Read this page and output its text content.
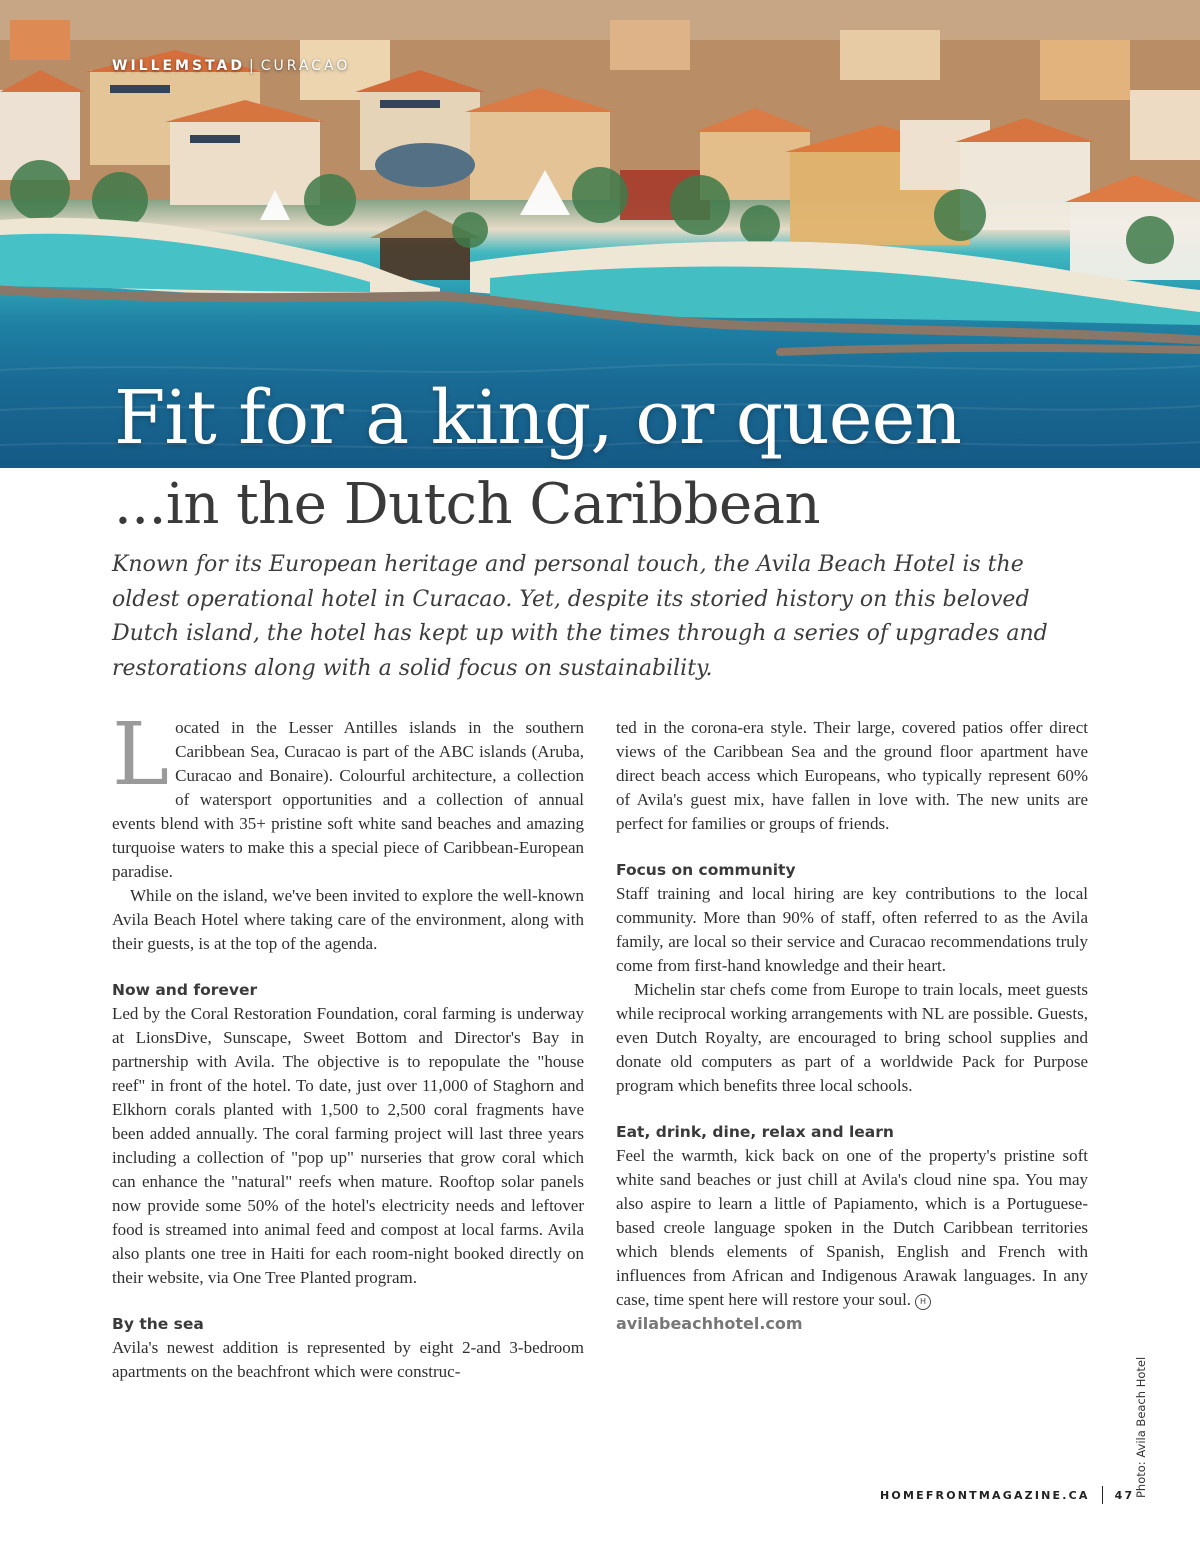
WILLEMSTAD | CURACAO
Fit for a king, or queen
...in the Dutch Caribbean

Known for its European heritage and personal touch, the Avila Beach Hotel is the oldest operational hotel in Curacao. Yet, despite its storied history on this beloved Dutch island, the hotel has kept up with the times through a series of upgrades and restorations along with a solid focus on sustainability.

Located in the Lesser Antilles islands in the southern Caribbean Sea, Curacao is part of the ABC islands (Aruba, Curacao and Bonaire). Colourful architecture, a collection of watersport opportunities and a collection of annual events blend with 35+ pristine soft white sand beaches and amazing turquoise waters to make this a special piece of Caribbean-European paradise.

While on the island, we've been invited to explore the well-known Avila Beach Hotel where taking care of the environment, along with their guests, is at the top of the agenda.

Now and forever

Led by the Coral Restoration Foundation, coral farming is underway at LionsDive, Sunscape, Sweet Bottom and Director's Bay in partnership with Avila. The objective is to repopulate the "house reef" in front of the hotel. To date, just over 11,000 of Staghorn and Elkhorn corals planted with 1,500 to 2,500 coral fragments have been added annually. The coral farming project will last three years including a collection of "pop up" nurseries that grow coral which can enhance the "natural" reefs when mature. Rooftop solar panels now provide some 50% of the hotel's electricity needs and leftover food is streamed into animal feed and compost at local farms. Avila also plants one tree in Haiti for each room-night booked directly on their website, via One Tree Planted program.

By the sea

Avila's newest addition is represented by eight 2-and 3-bedroom apartments on the beachfront which were construc-

ted in the corona-era style. Their large, covered patios offer direct views of the Caribbean Sea and the ground floor apartment have direct beach access which Europeans, who typically represent 60% of Avila's guest mix, have fallen in love with. The new units are perfect for families or groups of friends.

Focus on community

Staff training and local hiring are key contributions to the local community. More than 90% of staff, often referred to as the Avila family, are local so their service and Curacao recommendations truly come from first-hand knowledge and their heart.

Michelin star chefs come from Europe to train locals, meet guests while reciprocal working arrangements with NL are possible. Guests, even Dutch Royalty, are encouraged to bring school supplies and donate old computers as part of a worldwide Pack for Purpose program which benefits three local schools.

Eat, drink, dine, relax and learn

Feel the warmth, kick back on one of the property's pristine soft white sand beaches or just chill at Avila's cloud nine spa. You may also aspire to learn a little of Papiamento, which is a Portuguese-based creole language spoken in the Dutch Caribbean territories which blends elements of Spanish, English and French with influences from African and Indigenous Arawak languages. In any case, time spent here will restore your soul. H

avilabeachhotel.com
HOMEFRONTMAGAZINE.CA 47 Photo: Avila Beach Hotel
